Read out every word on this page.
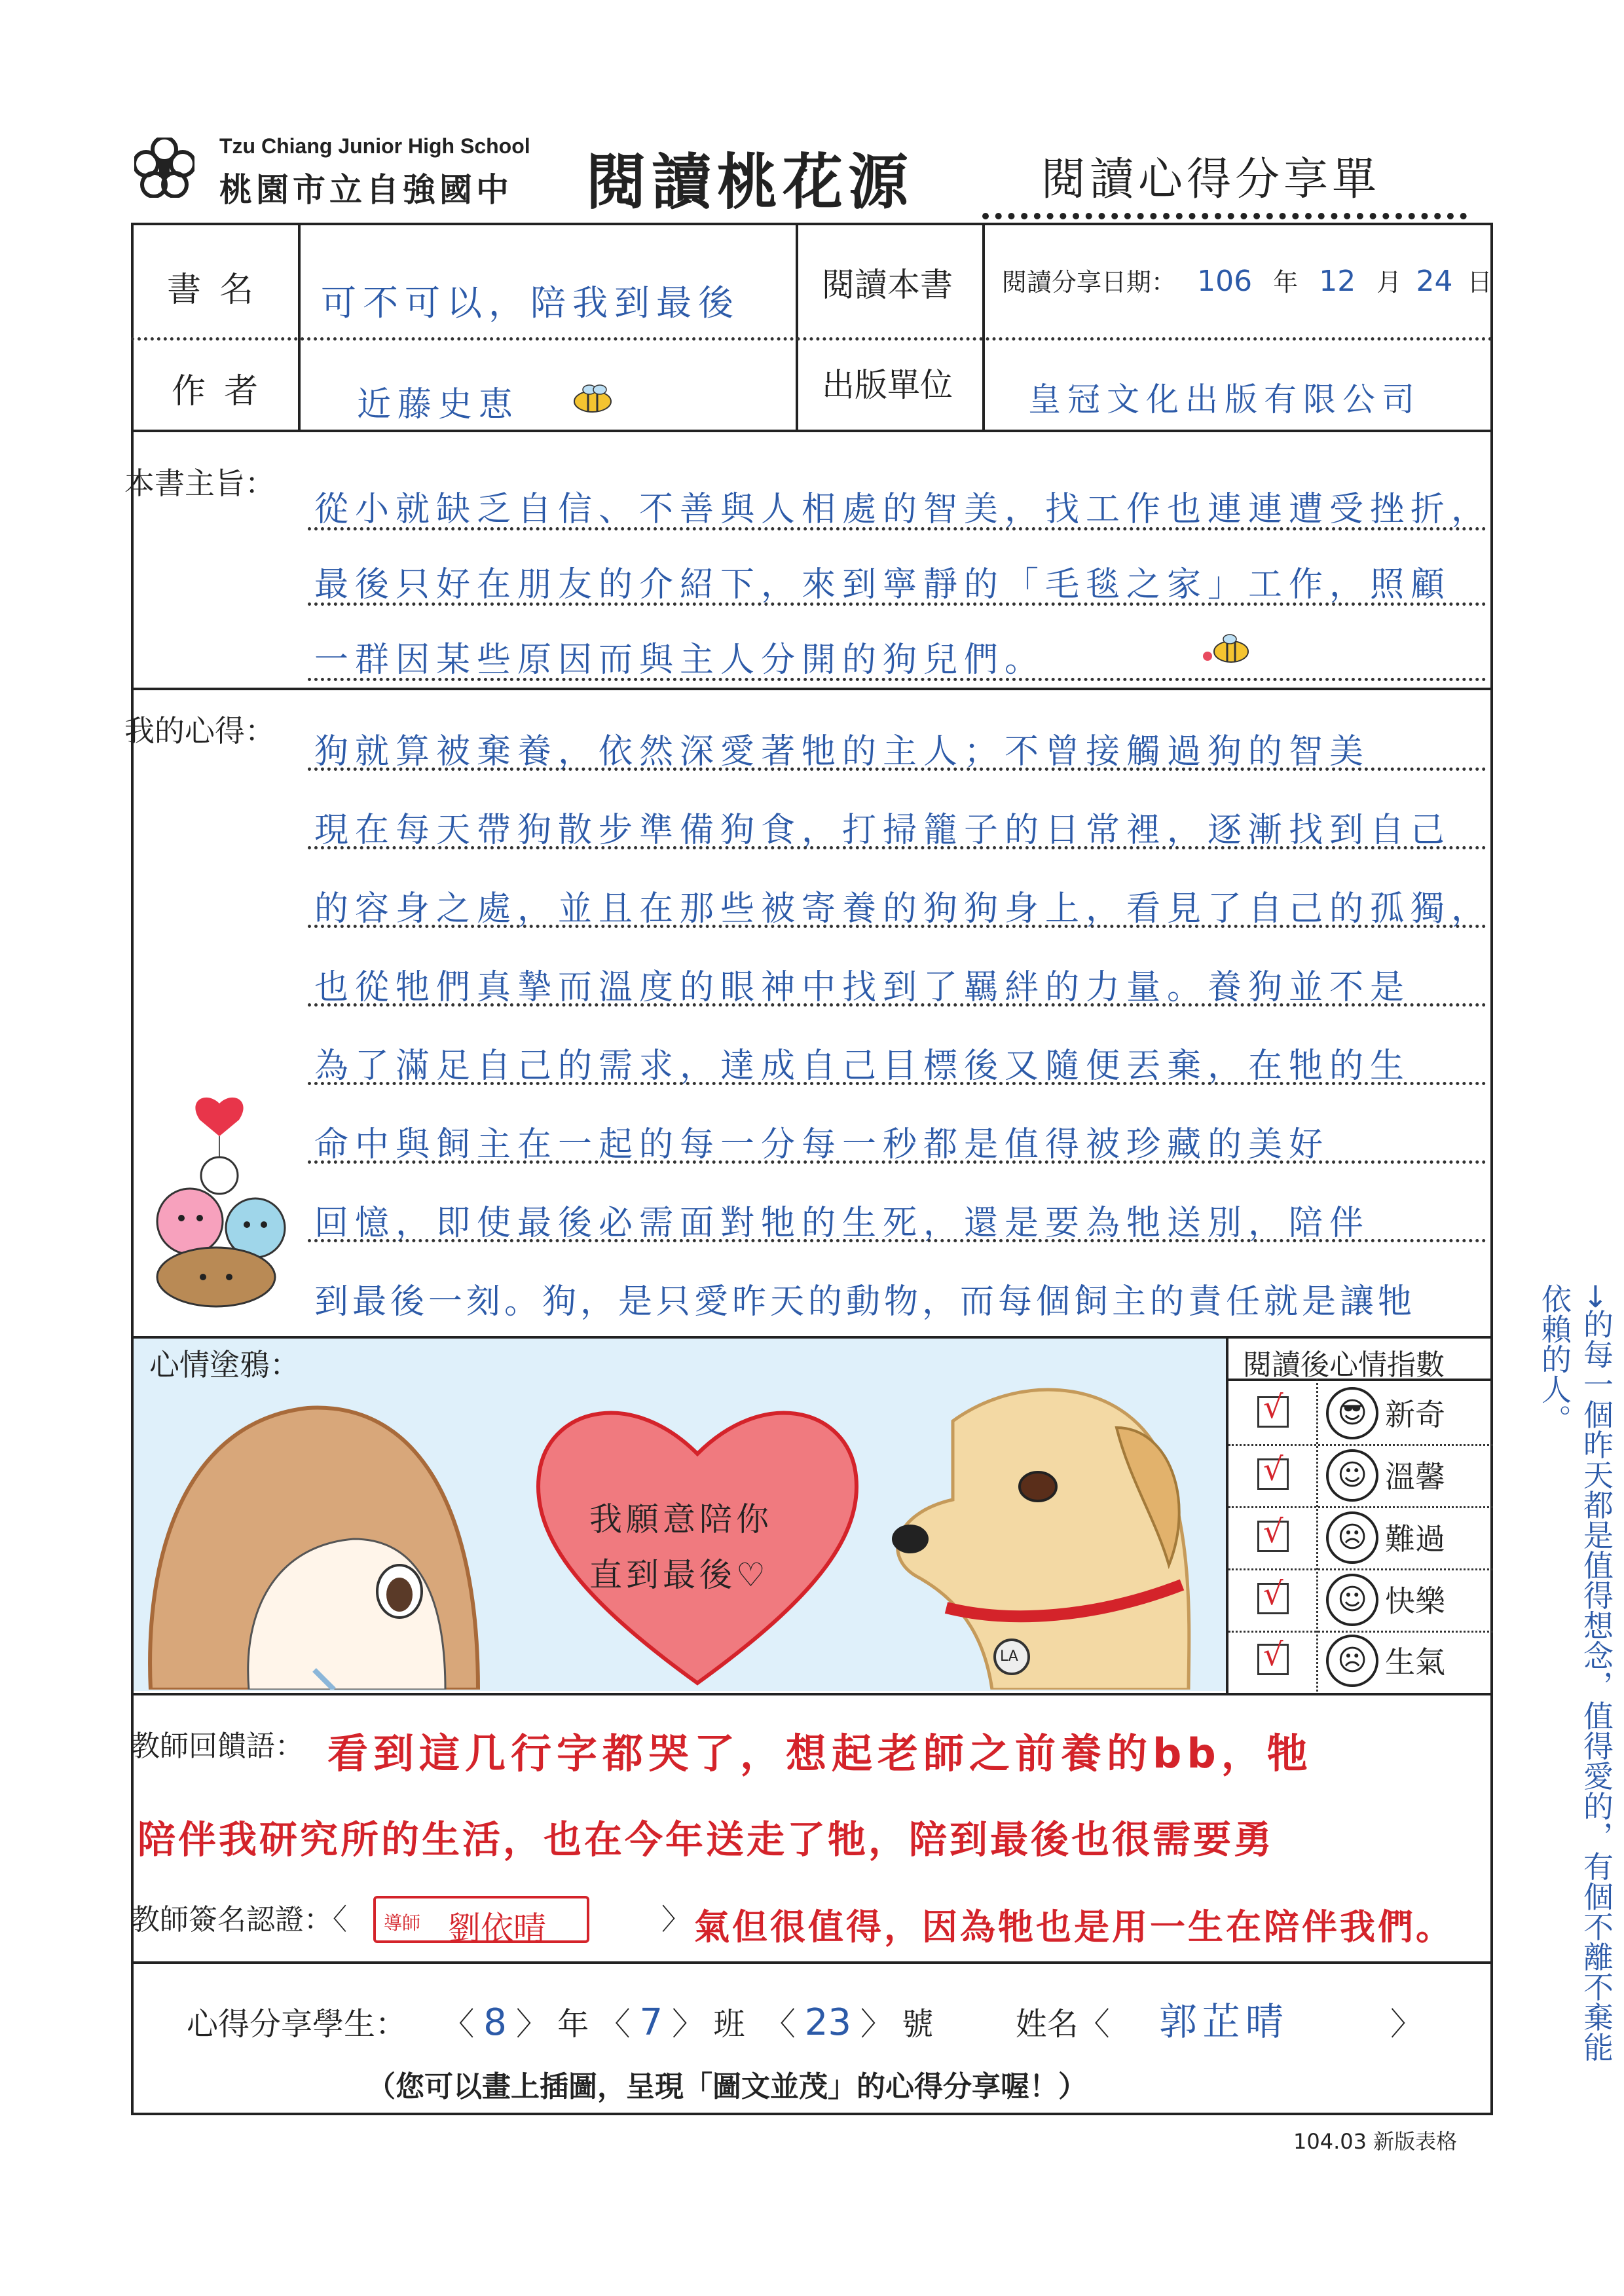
Tzu Chiang Junior High School
桃園市立自強國中 閱讀桃花源	閱讀心得分享單
書名 可不可以，陪我到最後	閱讀本書 閱讀分享日期： 106 年 12 月 24 日
作者 近藤史恵	出版單位 皇冠文化出版有限公司
本書主旨：
從小就缺乏自信、不善與人相處的智美，找工作也連連遭受挫折，
最後只好在朋友的介紹下，來到寧靜的「毛毯之家」工作，照顧
一群因某些原因而與主人分開的狗兒們。
我的心得：
狗就算被棄養，依然深愛著牠的主人；不曾接觸過狗的智美
現在每天帶狗散步準備狗食，打掃籠子的日常裡，逐漸找到自己
的容身之處，並且在那些被寄養的狗狗身上，看見了自己的孤獨，
也從牠們真摯而溫度的眼神中找到了羈絆的力量。養狗並不是
為了滿足自己的需求，達成自己目標後又隨便丟棄，在牠的生
命中與飼主在一起的每一分每一秒都是值得被珍藏的美好
回憶，即使最後必需面對牠的生死，還是要為牠送別，陪伴
到最後一刻。狗，是只愛昨天的動物，而每個飼主的責任就是讓牠	→的每一個昨天都是值得想念，值得愛的，有個不離不棄能依賴的人。
心情塗鴉：
我願意陪你
直到最後♡
LA
閱讀後心情指數
√	😎 新奇
√	☺ 溫馨
√	☹ 難過
√	☺ 快樂
√	☹ 生氣
教師回饋語： 看到這几行字都哭了，想起老師之前養的bb，牠
陪伴我研究所的生活，也在今年送走了牠，陪到最後也很需要勇
教師簽名認證：〈 導師 劉依晴	〉 氣但很值得，因為牠也是用一生在陪伴我們。
心得分享學生： 〈 8 〉 年 〈 7 〉 班 〈 23 〉 號	姓名〈 郭芷晴	〉
（您可以畫上插圖，呈現「圖文並茂」的心得分享喔！）
104.03 新版表格
